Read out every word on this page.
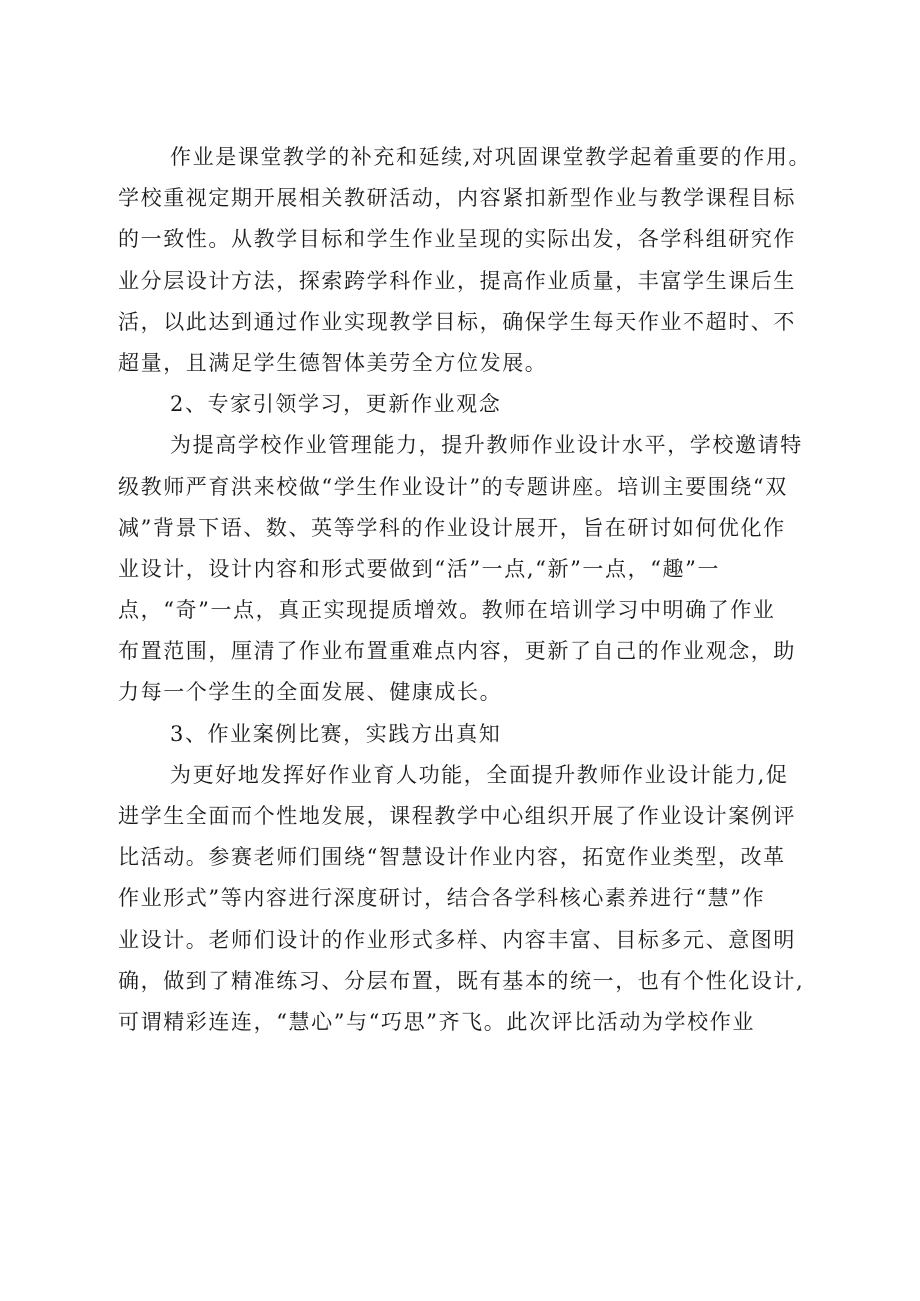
作业是课堂教学的补充和延续,对巩固课堂教学起着重要的作用。
学校重视定期开展相关教研活动，内容紧扣新型作业与教学课程目标
的一致性。从教学目标和学生作业呈现的实际出发，各学科组研究作
业分层设计方法，探索跨学科作业，提高作业质量，丰富学生课后生
活，以此达到通过作业实现教学目标，确保学生每天作业不超时、不
超量，且满足学生德智体美劳全方位发展。
2、专家引领学习，更新作业观念
为提高学校作业管理能力，提升教师作业设计水平，学校邀请特
级教师严育洪来校做“学生作业设计”的专题讲座。培训主要围绕“双
减”背景下语、数、英等学科的作业设计展开，旨在研讨如何优化作
业设计，设计内容和形式要做到“活”一点,“新”一点，“趣”一
点，“奇”一点，真正实现提质增效。教师在培训学习中明确了作业
布置范围，厘清了作业布置重难点内容，更新了自己的作业观念，助
力每一个学生的全面发展、健康成长。
3、作业案例比赛，实践方出真知
为更好地发挥好作业育人功能，全面提升教师作业设计能力,促
进学生全面而个性地发展，课程教学中心组织开展了作业设计案例评
比活动。参赛老师们围绕“智慧设计作业内容，拓宽作业类型，改革
作业形式”等内容进行深度研讨，结合各学科核心素养进行“慧”作
业设计。老师们设计的作业形式多样、内容丰富、目标多元、意图明
确，做到了精准练习、分层布置，既有基本的统一，也有个性化设计,
可谓精彩连连，“慧心”与“巧思”齐飞。此次评比活动为学校作业
